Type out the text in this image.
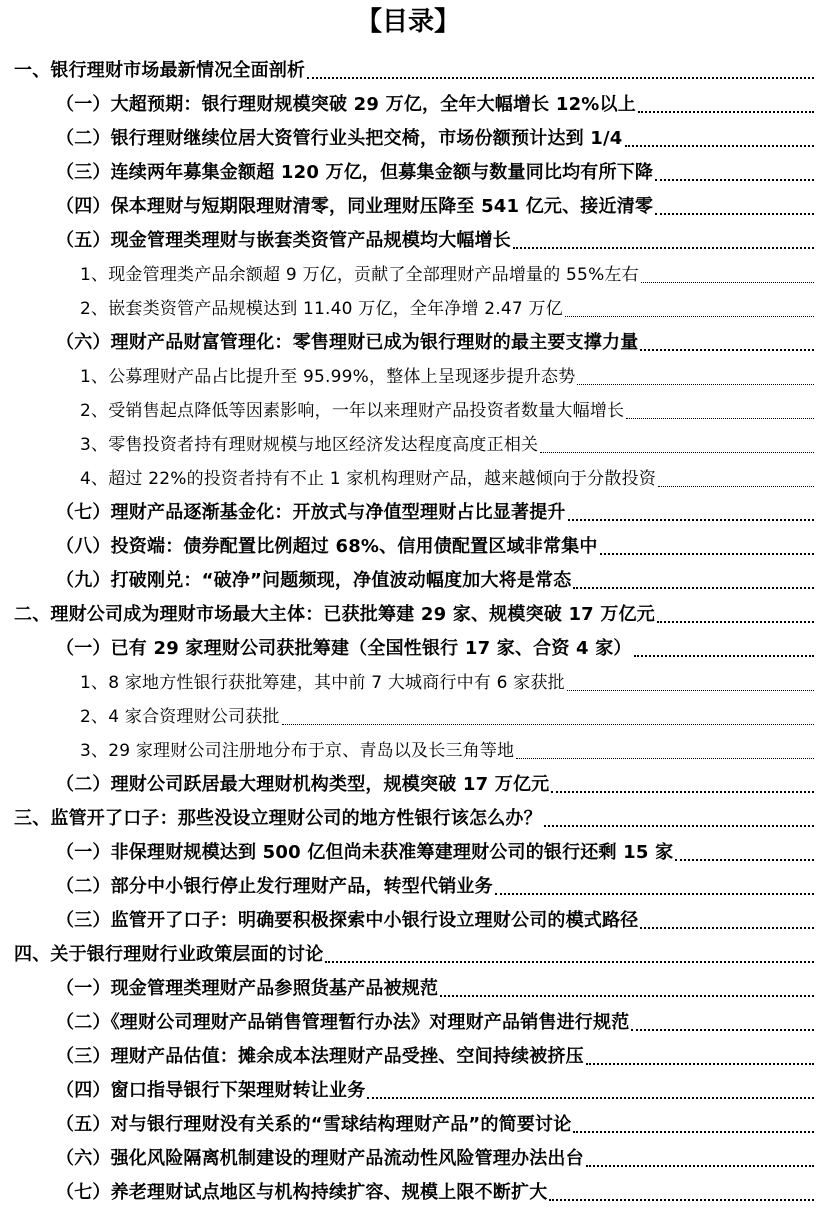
【目录】
一、银行理财市场最新情况全面剖析
（一）大超预期：银行理财规模突破 29 万亿，全年大幅增长 12%以上
（二）银行理财继续位居大资管行业头把交椅，市场份额预计达到 1/4
（三）连续两年募集金额超 120 万亿，但募集金额与数量同比均有所下降
（四）保本理财与短期限理财清零，同业理财压降至 541 亿元、接近清零
（五）现金管理类理财与嵌套类资管产品规模均大幅增长
1、现金管理类产品余额超 9 万亿，贡献了全部理财产品增量的 55%左右
2、嵌套类资管产品规模达到 11.40 万亿，全年净增 2.47 万亿
（六）理财产品财富管理化：零售理财已成为银行理财的最主要支撑力量
1、公募理财产品占比提升至 95.99%，整体上呈现逐步提升态势
2、受销售起点降低等因素影响，一年以来理财产品投资者数量大幅增长
3、零售投资者持有理财规模与地区经济发达程度高度正相关
4、超过 22%的投资者持有不止 1 家机构理财产品，越来越倾向于分散投资
（七）理财产品逐渐基金化：开放式与净值型理财占比显著提升
（八）投资端：债券配置比例超过 68%、信用债配置区域非常集中
（九）打破刚兑：“破净”问题频现，净值波动幅度加大将是常态
二、理财公司成为理财市场最大主体：已获批筹建 29 家、规模突破 17 万亿元
（一）已有 29 家理财公司获批筹建（全国性银行 17 家、合资 4 家）
1、8 家地方性银行获批筹建，其中前 7 大城商行中有 6 家获批
2、4 家合资理财公司获批
3、29 家理财公司注册地分布于京、青岛以及长三角等地
（二）理财公司跃居最大理财机构类型，规模突破 17 万亿元
三、监管开了口子：那些没设立理财公司的地方性银行该怎么办？
（一）非保理财规模达到 500 亿但尚未获准筹建理财公司的银行还剩 15 家
（二）部分中小银行停止发行理财产品，转型代销业务
（三）监管开了口子：明确要积极探索中小银行设立理财公司的模式路径
四、关于银行理财行业政策层面的讨论
（一）现金管理类理财产品参照货基产品被规范
（二）《理财公司理财产品销售管理暂行办法》对理财产品销售进行规范
（三）理财产品估值：摊余成本法理财产品受挫、空间持续被挤压
（四）窗口指导银行下架理财转让业务
（五）对与银行理财没有关系的“雪球结构理财产品”的简要讨论
（六）强化风险隔离机制建设的理财产品流动性风险管理办法出台
（七）养老理财试点地区与机构持续扩容、规模上限不断扩大
